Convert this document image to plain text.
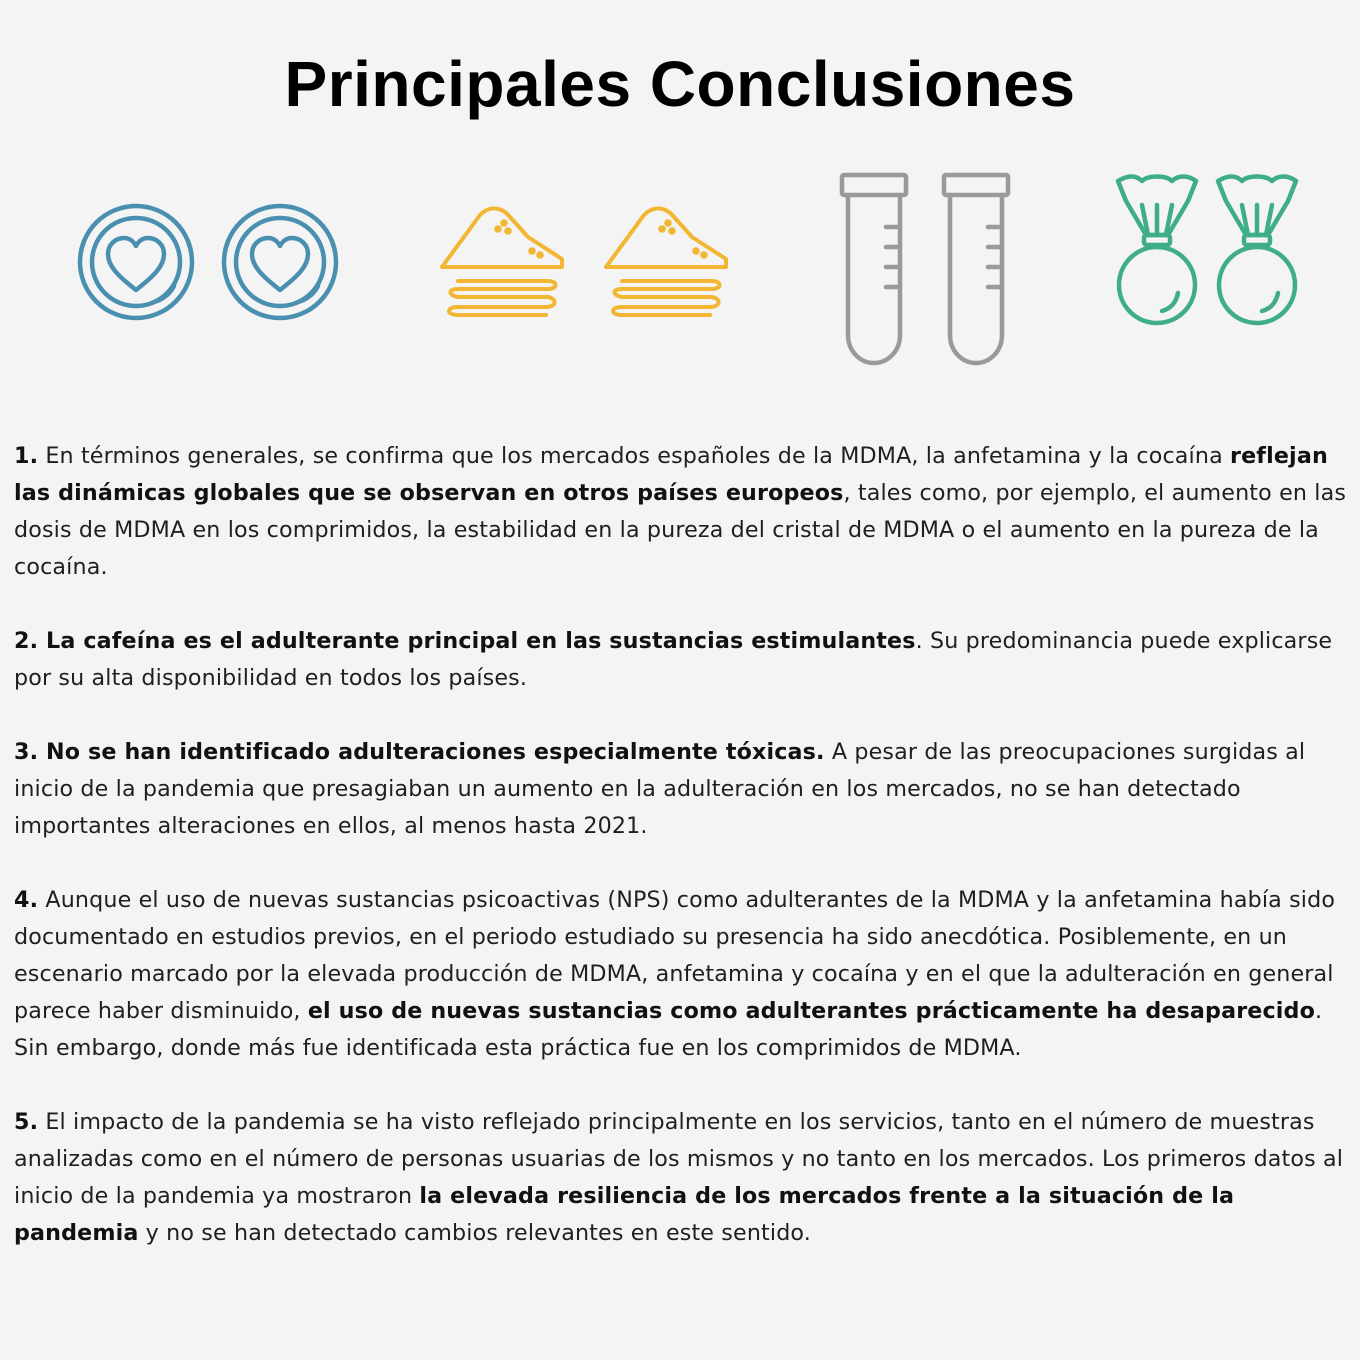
Principales Conclusiones

1. En términos generales, se confirma que los mercados españoles de la MDMA, la anfetamina y la cocaína reflejan las dinámicas globales que se observan en otros países europeos, tales como, por ejemplo, el aumento en las dosis de MDMA en los comprimidos, la estabilidad en la pureza del cristal de MDMA o el aumento en la pureza de la cocaína.

2. La cafeína es el adulterante principal en las sustancias estimulantes. Su predominancia puede explicarse por su alta disponibilidad en todos los países.

3. No se han identificado adulteraciones especialmente tóxicas. A pesar de las preocupaciones surgidas al inicio de la pandemia que presagiaban un aumento en la adulteración en los mercados, no se han detectado importantes alteraciones en ellos, al menos hasta 2021.

4. Aunque el uso de nuevas sustancias psicoactivas (NPS) como adulterantes de la MDMA y la anfetamina había sido documentado en estudios previos, en el periodo estudiado su presencia ha sido anecdótica. Posiblemente, en un escenario marcado por la elevada producción de MDMA, anfetamina y cocaína y en el que la adulteración en general parece haber disminuido, el uso de nuevas sustancias como adulterantes prácticamente ha desaparecido. Sin embargo, donde más fue identificada esta práctica fue en los comprimidos de MDMA.

5. El impacto de la pandemia se ha visto reflejado principalmente en los servicios, tanto en el número de muestras analizadas como en el número de personas usuarias de los mismos y no tanto en los mercados. Los primeros datos al inicio de la pandemia ya mostraron la elevada resiliencia de los mercados frente a la situación de la pandemia y no se han detectado cambios relevantes en este sentido.
